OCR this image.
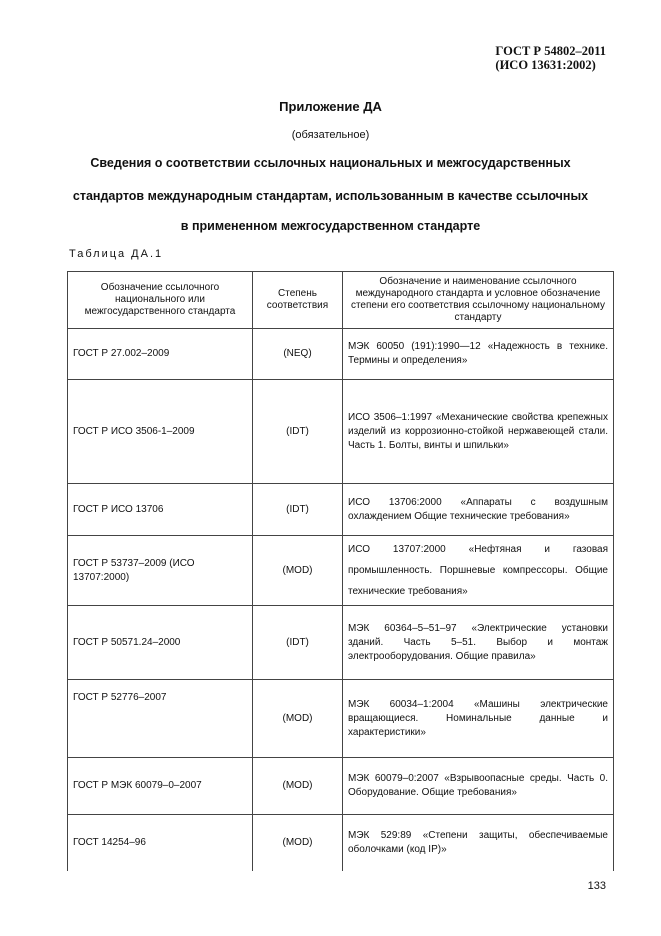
ГОСТ Р 54802–2011
(ИСО 13631:2002)
Приложение ДА
(обязательное)
Сведения о соответствии ссылочных национальных и межгосударственных
стандартов международным стандартам, использованным в качестве ссылочных
в примененном межгосударственном стандарте
Таблица ДА.1
Обозначение ссылочного национального или межгосударственного стандарта	Степень соответствия	Обозначение и наименование ссылочного международного стандарта и условное обозначение степени его соответствия ссылочному национальному стандарту
ГОСТ Р 27.002–2009	(NEQ)	МЭК 60050 (191):1990—12 «Надежность в технике. Термины и определения»
ГОСТ Р ИСО 3506-1–2009	(IDT)	ИСО 3506–1:1997 «Механические свойства крепежных изделий из коррозионно-стойкой нержавеющей стали. Часть 1. Болты, винты и шпильки»
ГОСТ Р ИСО 13706	(IDT)	ИСО 13706:2000 «Аппараты с воздушным охлаждением Общие технические требования»
ГОСТ Р 53737–2009 (ИСО 13707:2000)	(MOD)	ИСО 13707:2000 «Нефтяная и газовая промышленность. Поршневые компрессоры. Общие технические требования»
ГОСТ Р 50571.24–2000	(IDT)	МЭК 60364–5–51–97 «Электрические установки зданий. Часть 5–51. Выбор и монтаж электрооборудования. Общие правила»
ГОСТ Р 52776–2007	(MOD)	МЭК 60034–1:2004 «Машины электрические вращающиеся. Номинальные данные и характеристики»
ГОСТ Р МЭК 60079–0–2007	(MOD)	МЭК 60079–0:2007 «Взрывоопасные среды. Часть 0. Оборудование. Общие требования»
ГОСТ 14254–96	(MOD)	МЭК 529:89 «Степени защиты, обеспечиваемые оболочками (код IP)»
133
